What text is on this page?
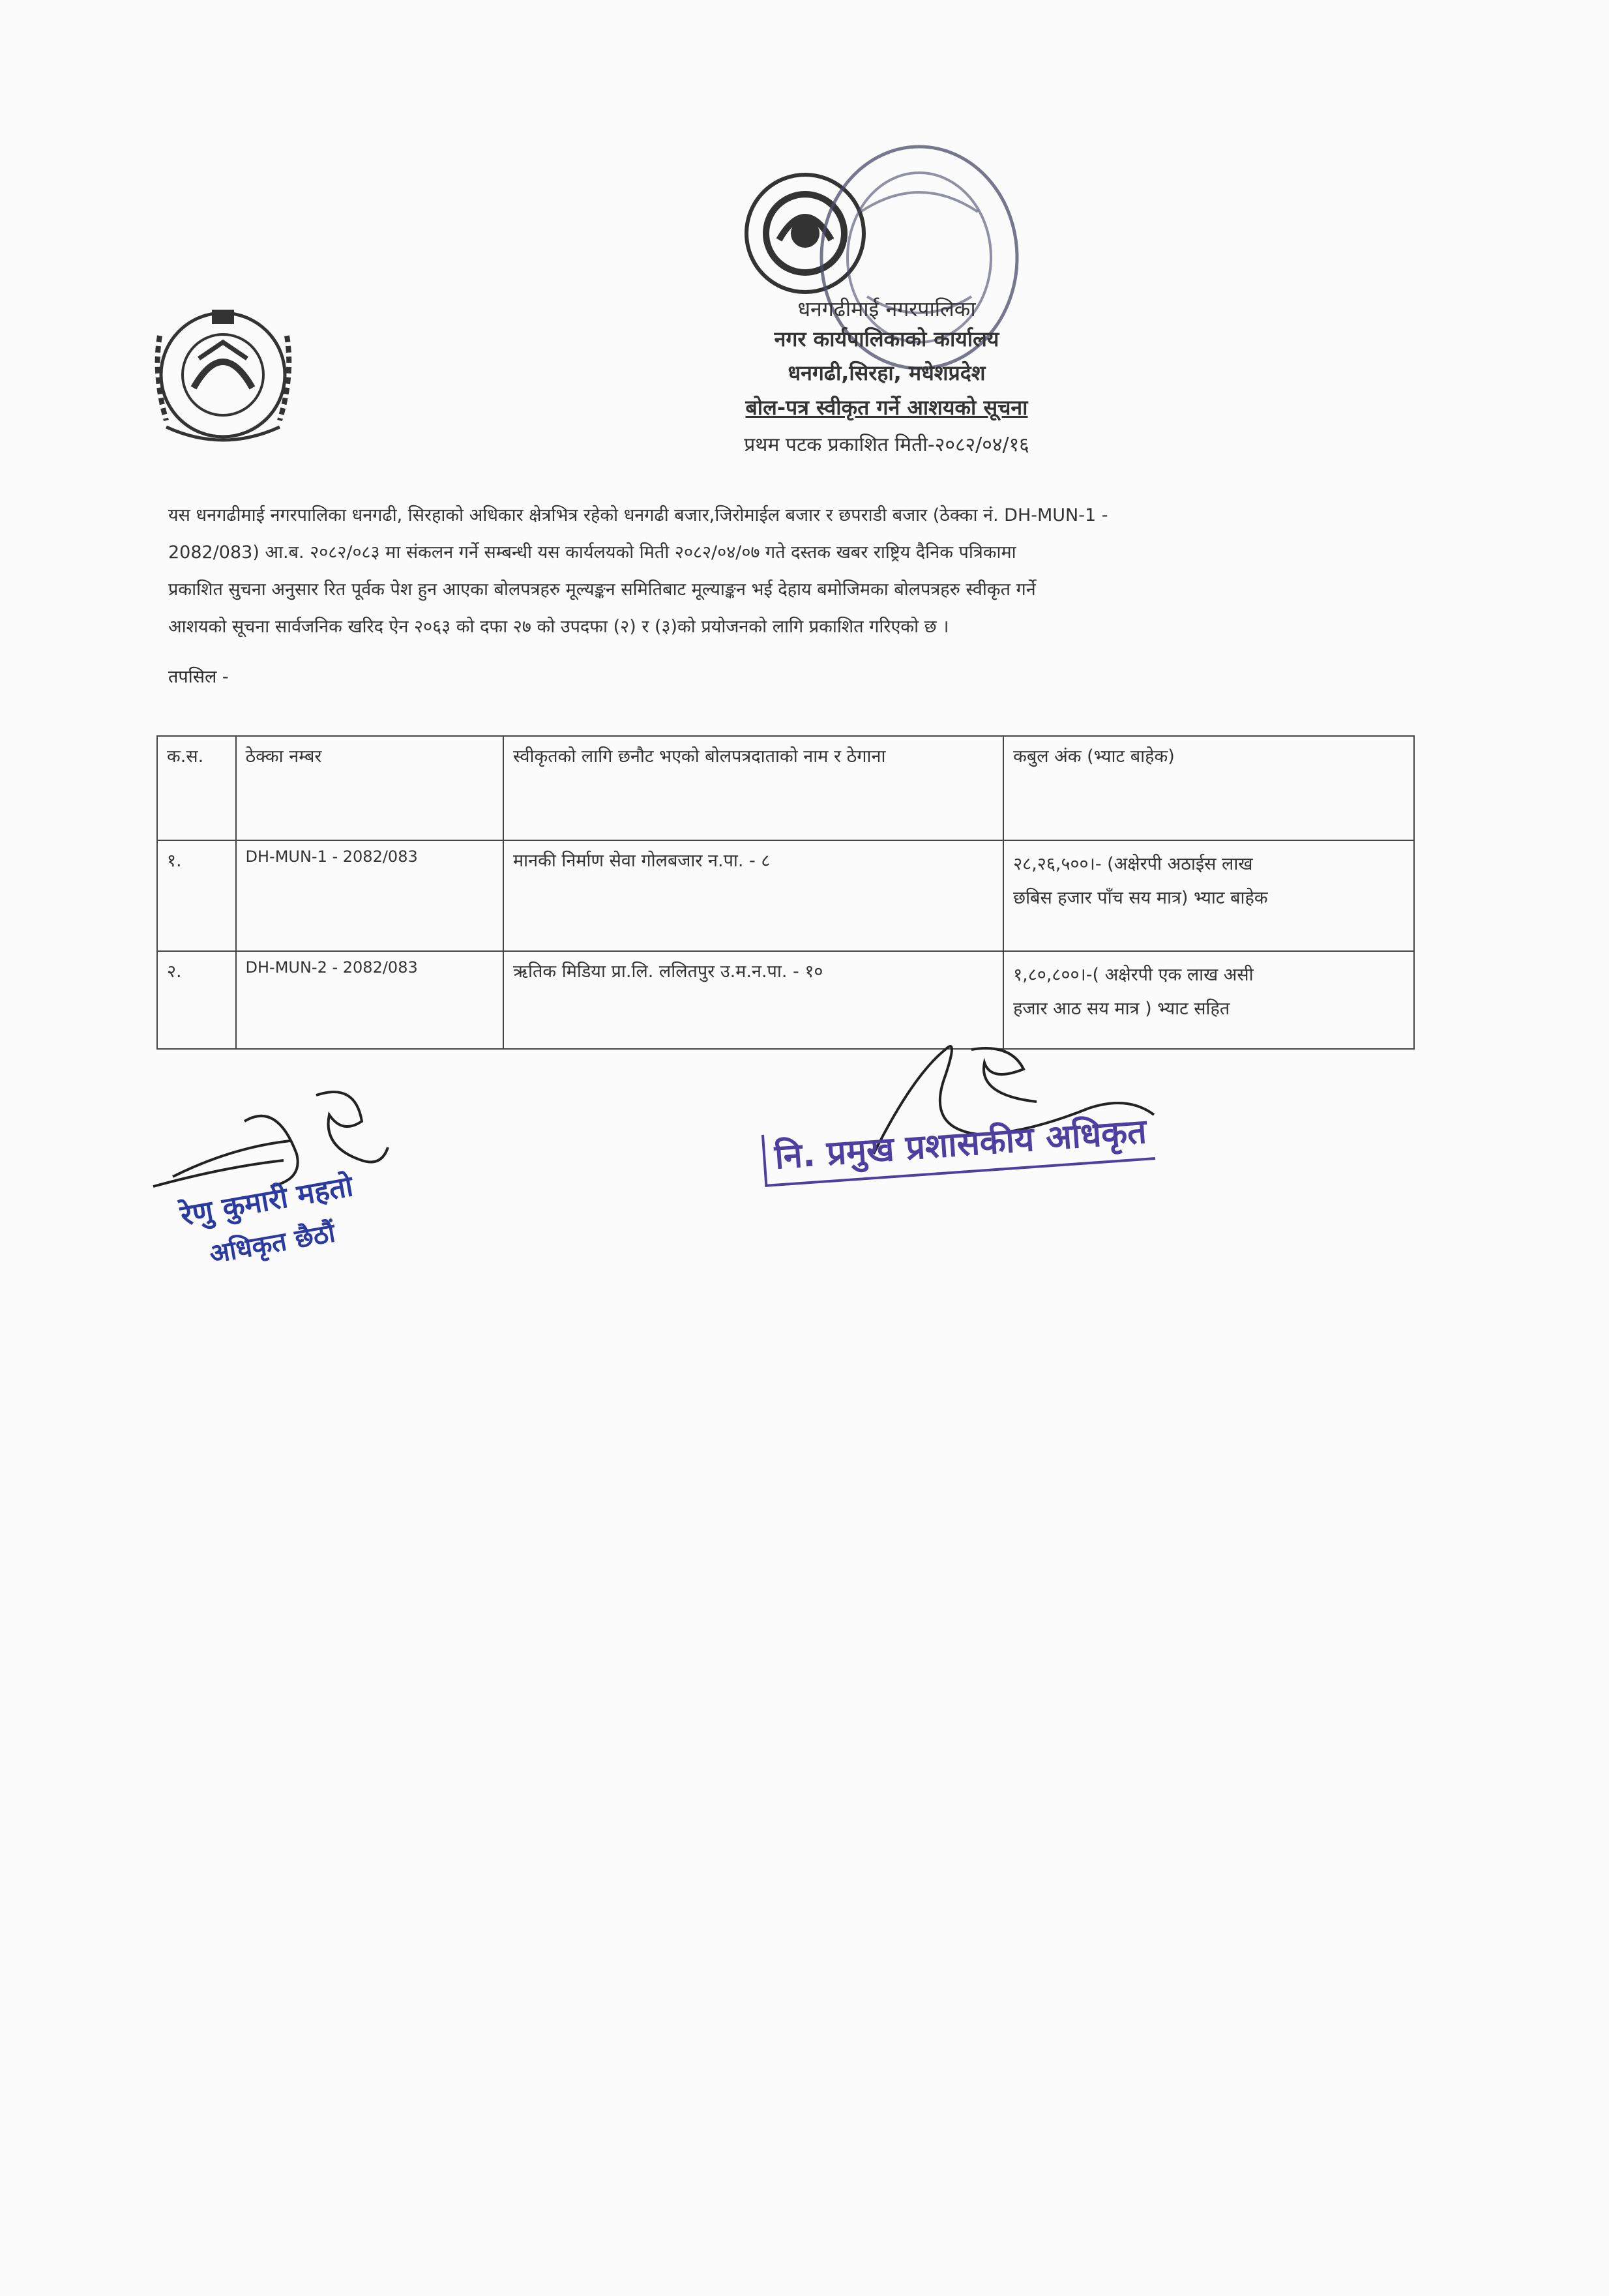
धनगढीमाई नगरपालिका
नगर कार्यपालिकाको कार्यालय
धनगढी,सिरहा, मधेशप्रदेश
बोल-पत्र स्वीकृत गर्ने आशयको सूचना
प्रथम पटक प्रकाशित मिती-२०८२/०४/१६
यस धनगढीमाई नगरपालिका धनगढी, सिरहाको अधिकार क्षेत्रभित्र रहेको धनगढी बजार,जिरोमाईल बजार र छपराडी बजार (ठेक्का नं. DH-MUN-1 -
2082/083) आ.ब. २०८२/०८३ मा संकलन गर्ने सम्बन्धी यस कार्यलयको मिती २०८२/०४/०७ गते दस्तक खबर राष्ट्रिय दैनिक पत्रिकामा
प्रकाशित सुचना अनुसार रित पूर्वक पेश हुन आएका बोलपत्रहरु मूल्यङ्कन समितिबाट मूल्याङ्कन भई देहाय बमोजिमका बोलपत्रहरु स्वीकृत गर्ने
आशयको सूचना सार्वजनिक खरिद ऐन २०६३ को दफा २७ को उपदफा (२) र (३)को प्रयोजनको लागि प्रकाशित गरिएको छ ।
तपसिल -
क.स.	ठेक्का नम्बर	स्वीकृतको लागि छनौट भएको बोलपत्रदाताको नाम र ठेगाना	कबुल अंक (भ्याट बाहेक)
१.	DH-MUN-1 - 2082/083	मानकी निर्माण सेवा गोलबजार न.पा. - ८	२८,२६,५००।- (अक्षेरपी अठाईस लाख
छबिस हजार पाँच सय मात्र) भ्याट बाहेक

२.	DH-MUN-2 - 2082/083	ऋतिक मिडिया प्रा.लि. ललितपुर उ.म.न.पा. - १०	१,८०,८००।-( अक्षेरपी एक लाख असी
हजार आठ सय मात्र ) भ्याट सहित
रेणु कुमारी महतो
अधिकृत छैठौं
नि. प्रमुख प्रशासकीय अधिकृत
